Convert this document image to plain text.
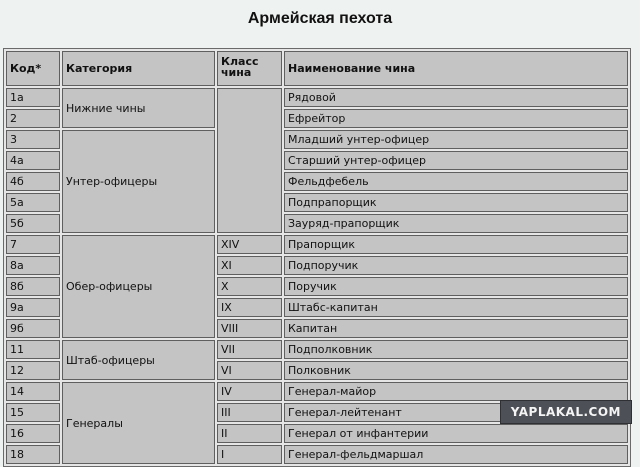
Армейская пехота
Код*	Категория	Класс чина	Наименование чина
1а	Нижние чины		Рядовой
2			Ефрейтор
3	Унтер-офицеры		Младший унтер-офицер
4а			Старший унтер-офицер
4б			Фельдфебель
5а			Подпрапорщик
5б			Зауряд-прапорщик
7	Обер-офицеры	XIV	Прапорщик
8а		XI	Подпоручик
8б		X	Поручик
9а		IX	Штабс-капитан
9б		VIII	Капитан
11	Штаб-офицеры	VII	Подполковник
12		VI	Полковник
14	Генералы	IV	Генерал-майор
15		III	Генерал-лейтенант
16		II	Генерал от инфантерии
18		I	Генерал-фельдмаршал
YAPLAKAL.COM
